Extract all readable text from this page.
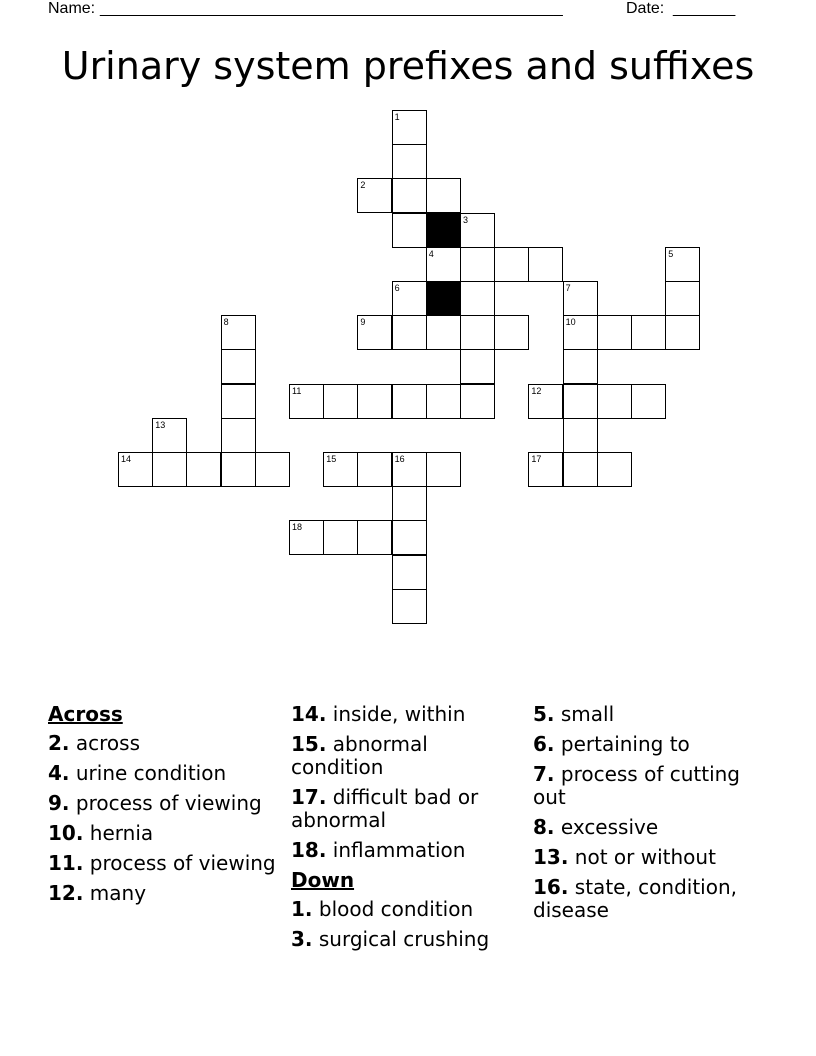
Name: ____________________________________________________	Date: _______
Urinary system prefixes and suffixes
1
2
3
4	5
6	7
8	9	10
11	12
13
14	15	16	17
18
Across
2. across
4. urine condition
9. process of viewing
10. hernia
11. process of viewing
12. many
14. inside, within
15. abnormal condition
17. difficult bad or abnormal
18. inflammation
Down
1. blood condition
3. surgical crushing
5. small
6. pertaining to
7. process of cutting out
8. excessive
13. not or without
16. state, condition, disease
